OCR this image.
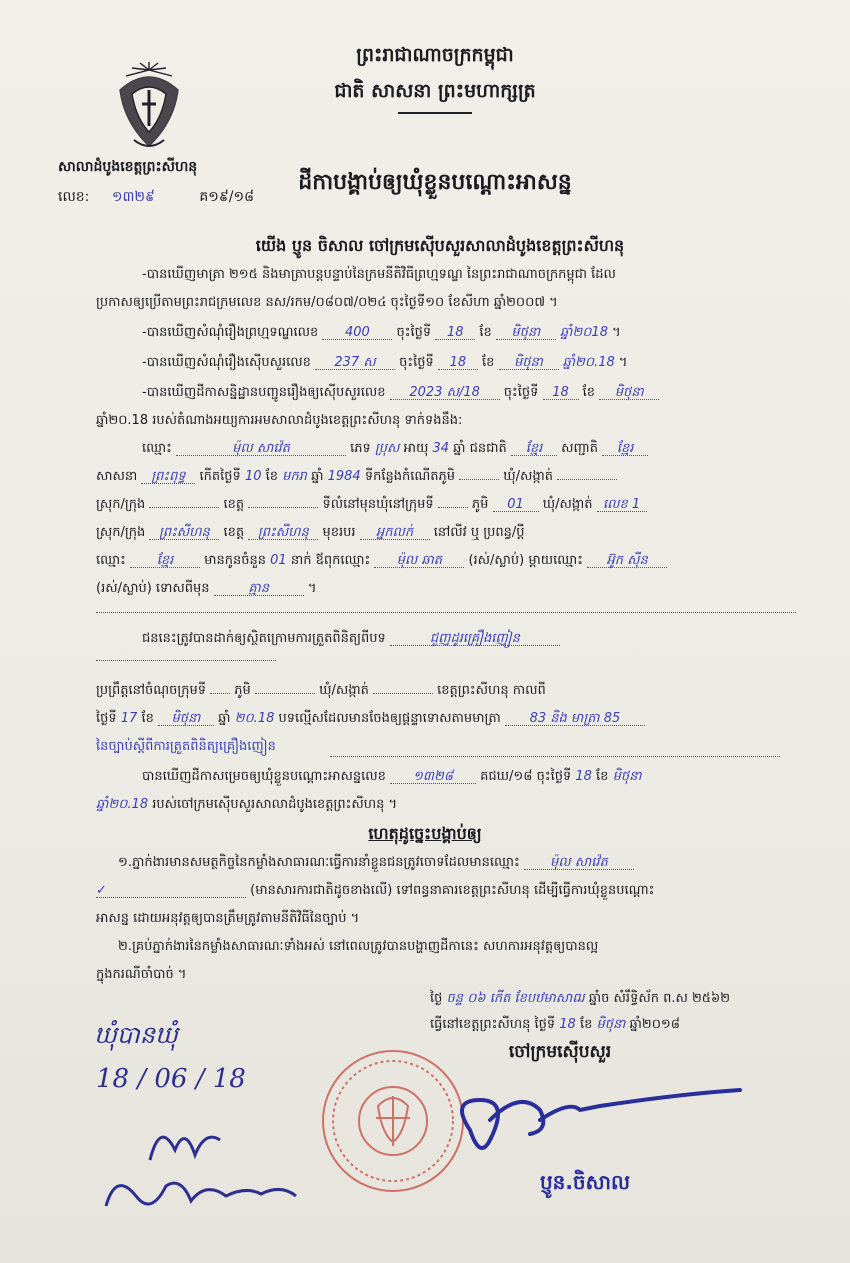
ព្រះរាជាណាចក្រកម្ពុជា
ជាតិ សាសនា ព្រះមហាក្សត្រ
សាលាដំបូងខេត្តព្រះសីហនុ
លេខ: ១៣២៩	គ១៩/១៨
ដីកាបង្គាប់ឲ្យឃុំខ្លួនបណ្តោះអាសន្ន
យើង ប្ញូន ចិសាល ចៅក្រមស៊ើបសួរសាលាដំបូងខេត្តព្រះសីហនុ
-បានឃើញមាត្រា ២១៥ និងមាត្រាបន្តបន្ទាប់នៃក្រមនីតិវិធីព្រហ្មទណ្ឌ នៃព្រះរាជាណាចក្រកម្ពុជា ដែល
ប្រកាសឲ្យប្រើតាមព្រះរាជក្រមលេខ នស/រកម/០៨០៧/០២៤ ចុះថ្ងៃទី១០ ខែសីហា ឆ្នាំ២០០៧ ។
-បានឃើញសំណុំរឿងព្រហ្មទណ្ឌលេខ 400 ចុះថ្ងៃទី 18 ខែ មិថុនា ឆ្នាំ២០18 ។
-បានឃើញសំណុំរឿងស៊ើបសួរលេខ 237 ស ចុះថ្ងៃទី 18 ខែ មិថុនា ឆ្នាំ២០.18 ។
-បានឃើញដីកាសន្និដ្ឋានបញ្ជូនរឿងឲ្យស៊ើបសួរលេខ 2023 ស/18 ចុះថ្ងៃទី 18 ខែ មិថុនា
ឆ្នាំ២០.18 របស់តំណាងអយ្យការអមសាលាដំបូងខេត្តព្រះសីហនុ ទាក់ទងនឹង:
ឈ្មោះ	ម៉ុល សាវ៉េត	ភេទ ប្រុស អាយុ 34 ឆ្នាំ ជនជាតិ ខ្មែរ សញ្ជាតិ ខ្មែរ
សាសនា ព្រះពុទ្ធ កើតថ្ងៃទី 10 ខែ មករា ឆ្នាំ 1984 ទីកន្លែងកំណើតភូមិ	ឃុំ/សង្កាត់
ស្រុក/ក្រុង	ខេត្ត	ទីលំនៅមុនឃុំនៅក្រុមទី	ភូមិ 01 ឃុំ/សង្កាត់ លេខ 1
ស្រុក/ក្រុង ព្រះសីហនុ ខេត្ត ព្រះសីហនុ មុខរបរ អ្នកលក់ នៅលីវ ឬ ប្រពន្ធ/ប្តី
ឈ្មោះ ខ្មែរ មានកូនចំនួន 01 នាក់ ឪពុកឈ្មោះ ម៉ុល ឆាត (រស់/ស្លាប់) ម្តាយឈ្មោះ អ៊ូក ស៊ីន
(រស់/ស្លាប់) ទោសពីមុន	គ្មាន	។
ជននេះត្រូវបានដាក់ឲ្យស្ថិតក្រោមការត្រួតពិនិត្យពីបទ	ជួញដូរគ្រឿងញៀន
ប្រព្រឹត្តនៅចំណុចក្រុមទី ភូមិ	ឃុំ/សង្កាត់	ខេត្តព្រះសីហនុ កាលពី
ថ្ងៃទី 17 ខែ មិថុនា ឆ្នាំ ២០.18 បទល្មើសដែលមានចែងឲ្យផ្តន្ទាទោសតាមមាត្រា 83 និង មាត្រា 85
នៃច្បាប់ស្តីពីការត្រួតពិនិត្យគ្រឿងញៀន
បានឃើញដីកាសម្រេចឲ្យឃុំខ្លួនបណ្តោះអាសន្នលេខ ១៣២៨ គជឃ/១៨ ចុះថ្ងៃទី 18 ខែ មិថុនា
ឆ្នាំ២០.18 របស់ចៅក្រមស៊ើបសួរសាលាដំបូងខេត្តព្រះសីហនុ ។
ហេតុដូច្នេះបង្គាប់ឲ្យ
១.ភ្នាក់ងារមានសមត្ថកិច្ចនៃកម្លាំងសាធារណៈធ្វើការនាំខ្លួនជនត្រូវចោទដែលមានឈ្មោះ ម៉ុល សាវ៉េត
✓	(មានសារការជាតិដូចខាងលើ) ទៅពន្ធនាគារខេត្តព្រះសីហនុ ដើម្បីធ្វើការឃុំខ្លួនបណ្តោះ
អាសន្ន ដោយអនុវត្តឲ្យបានត្រឹមត្រូវតាមនីតិវិធីនៃច្បាប់ ។
២.គ្រប់ភ្នាក់ងារនៃកម្លាំងសាធារណៈទាំងអស់ នៅពេលត្រូវបានបង្ហាញដីកានេះ សហការអនុវត្តឲ្យបានល្អ
ក្នុងករណីចាំបាច់ ។
ថ្ងៃ ចន្ទ ០៦ កើត ខែបឋមាសាឍ ឆ្នាំច សំរឹទ្ធិស័ក ព.ស ២៥៦២
ធ្វើនៅខេត្តព្រះសីហនុ ថ្ងៃទី 18 ខែ មិថុនា ឆ្នាំ២០១៨
ចៅក្រមស៊ើបសួរ
ប្ញូន.ចិសាល
ឃុំបានឃុំ
18 / 06 / 18
